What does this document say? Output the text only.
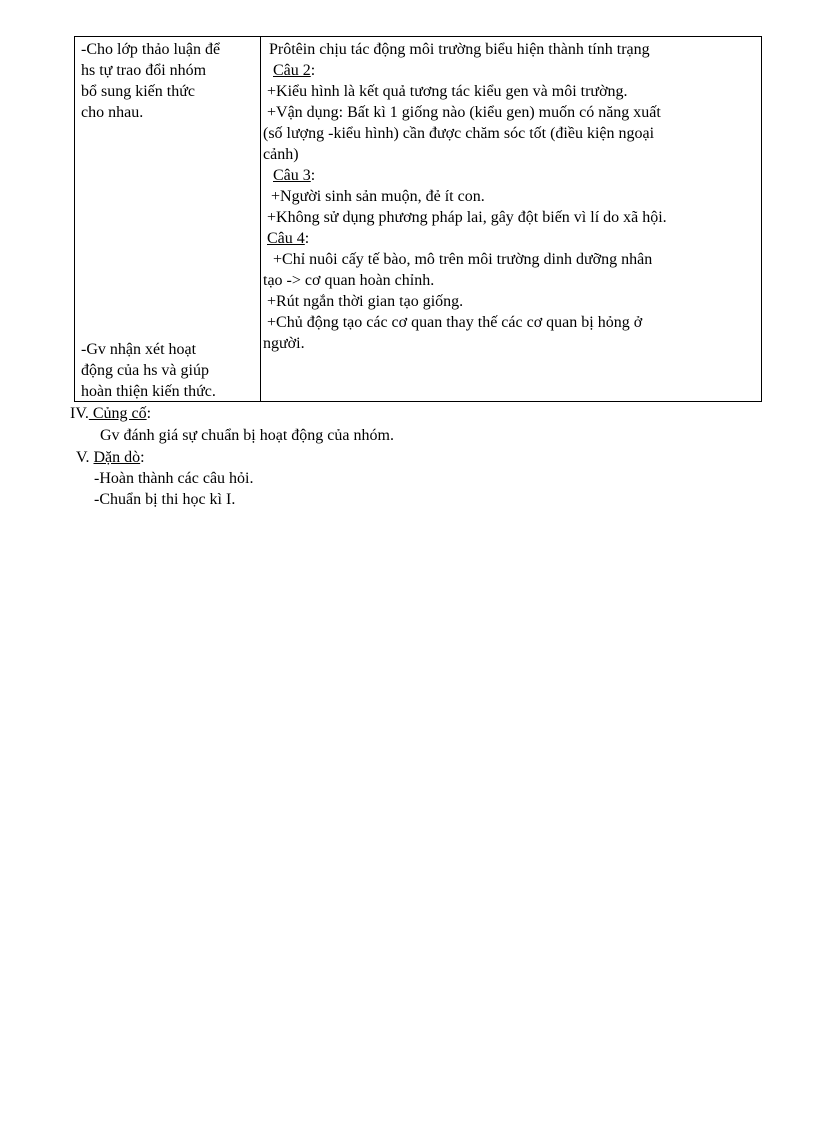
-Cho lớp thảo luận để
hs tự trao đổi nhóm
bổ sung kiến thức
cho nhau.
-Gv nhận xét hoạt
động của hs và giúp
hoàn thiện kiến thức.
Prôtêin chịu tác động môi trường biểu hiện thành tính trạng
Câu 2:
+Kiểu hình là kết quả tương tác kiểu gen và môi trường.
+Vận dụng: Bất kì 1 giống nào (kiểu gen) muốn có năng xuất
(số lượng -kiểu hình) cần được chăm sóc tốt (điều kiện ngoại
cảnh)
Câu 3:
+Người sinh sản muộn, đẻ ít con.
+Không sử dụng phương pháp lai, gây đột biến vì lí do xã hội.
Câu 4:
+Chỉ nuôi cấy tế bào, mô trên môi trường dinh dưỡng nhân
tạo -> cơ quan hoàn chỉnh.
+Rút ngắn thời gian tạo giống.
+Chủ động tạo các cơ quan thay thế các cơ quan bị hỏng ở
người.
IV. Củng cố:
Gv đánh giá sự chuẩn bị hoạt động của nhóm.
V. Dặn dò:
-Hoàn thành các câu hỏi.
-Chuẩn bị thi học kì I.
